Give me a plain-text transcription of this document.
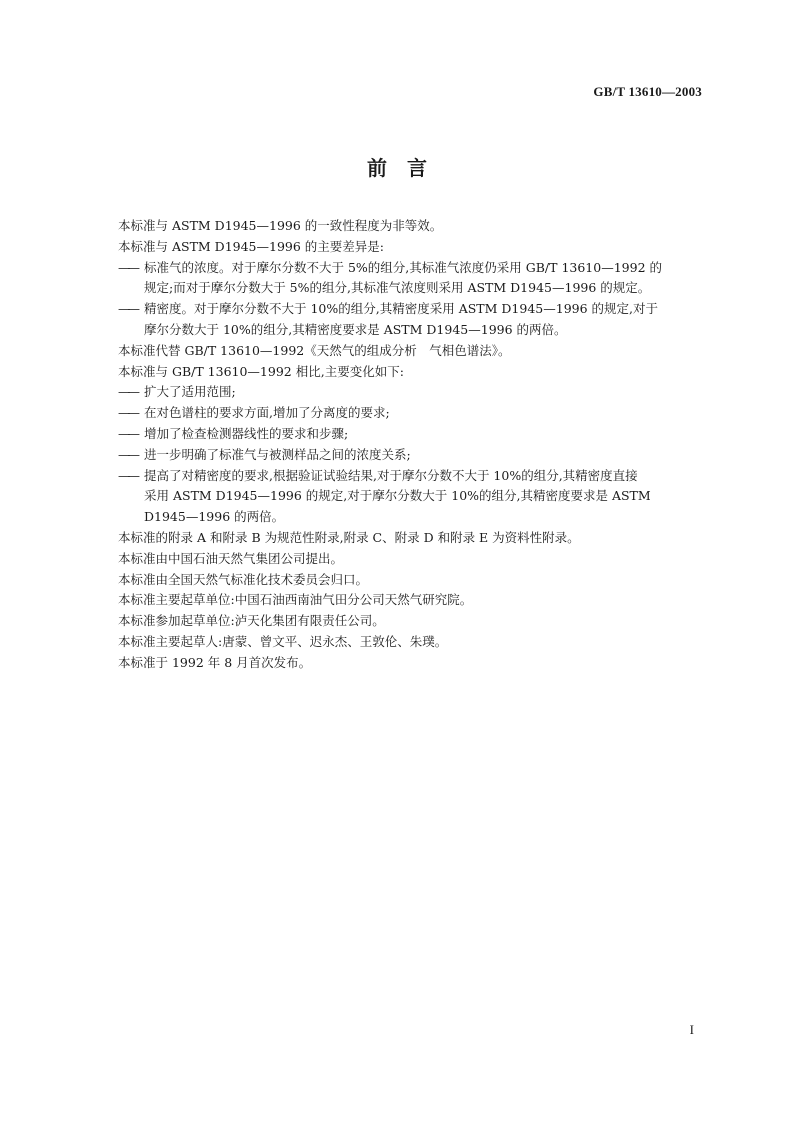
GB/T 13610—2003
前　言
本标准与 ASTM D1945—1996 的一致性程度为非等效。
本标准与 ASTM D1945—1996 的主要差异是:
—— 标准气的浓度。对于摩尔分数不大于 5%的组分,其标准气浓度仍采用 GB/T 13610—1992 的
规定;而对于摩尔分数大于 5%的组分,其标准气浓度则采用 ASTM D1945—1996 的规定。
—— 精密度。对于摩尔分数不大于 10%的组分,其精密度采用 ASTM D1945—1996 的规定,对于
摩尔分数大于 10%的组分,其精密度要求是 ASTM D1945—1996 的两倍。
本标准代替 GB/T 13610—1992《天然气的组成分析　气相色谱法》。
本标准与 GB/T 13610—1992 相比,主要变化如下:
—— 扩大了适用范围;
—— 在对色谱柱的要求方面,增加了分离度的要求;
—— 增加了检查检测器线性的要求和步骤;
—— 进一步明确了标准气与被测样品之间的浓度关系;
—— 提高了对精密度的要求,根据验证试验结果,对于摩尔分数不大于 10%的组分,其精密度直接
采用 ASTM D1945—1996 的规定,对于摩尔分数大于 10%的组分,其精密度要求是 ASTM
D1945—1996 的两倍。
本标准的附录 A 和附录 B 为规范性附录,附录 C、附录 D 和附录 E 为资料性附录。
本标准由中国石油天然气集团公司提出。
本标准由全国天然气标准化技术委员会归口。
本标准主要起草单位:中国石油西南油气田分公司天然气研究院。
本标准参加起草单位:泸天化集团有限责任公司。
本标准主要起草人:唐蒙、曾文平、迟永杰、王敦伦、朱璞。
本标准于 1992 年 8 月首次发布。
I
